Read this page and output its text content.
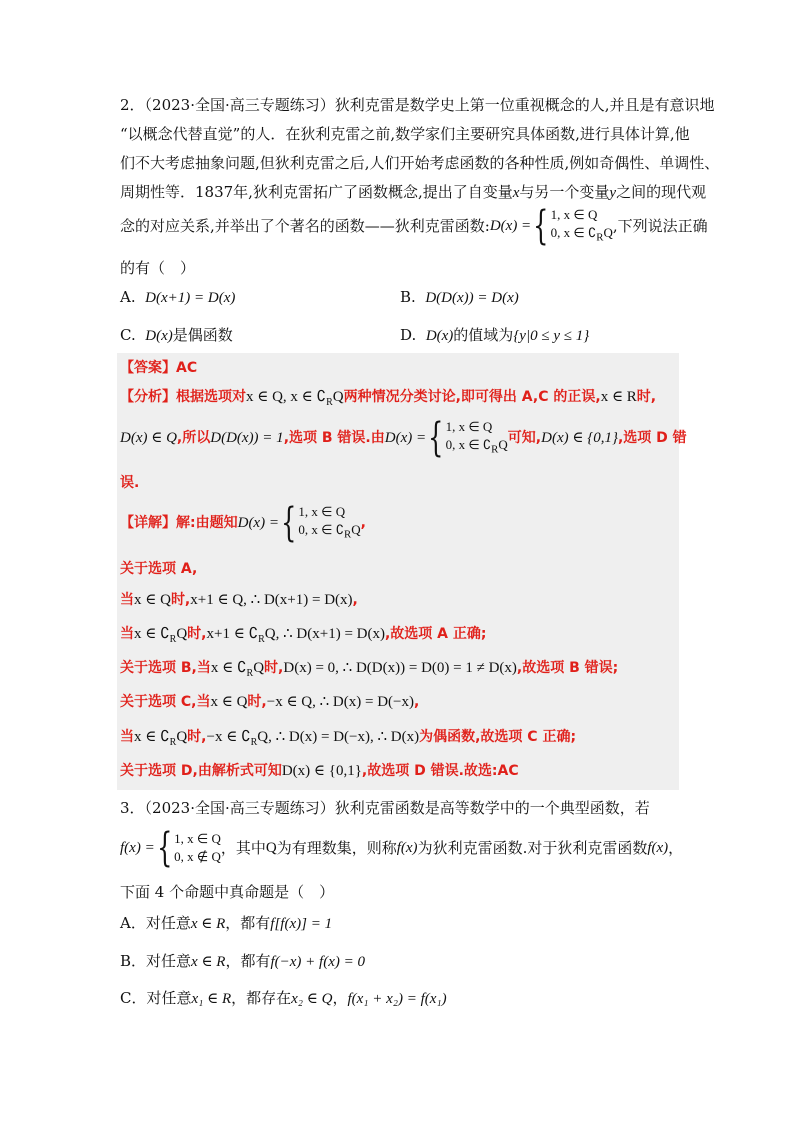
2．（2023·全国·高三专题练习）狄利克雷是数学史上第一位重视概念的人,并且是有意识地
“以概念代替直觉”的人．在狄利克雷之前,数学家们主要研究具体函数,进行具体计算,他
们不大考虑抽象问题,但狄利克雷之后,人们开始考虑函数的各种性质,例如奇偶性、单调性、
周期性等．1837年,狄利克雷拓广了函数概念,提出了自变量x与另一个变量y之间的现代观
念的对应关系,并举出了个著名的函数——狄利克雷函数: D(x) = { 1, x ∈ Q
0, x ∈ $∁_RQ$ ,下列说法正确
的有（　）
A. D(x+1) = D(x)	B. D(D(x)) = D(x)
C. D(x)是偶函数	D. D(x)的值域为{y|0 ≤ y ≤ 1}
【答案】AC
【分析】根据选项对x ∈ Q, x ∈ $∁_RQ$两种情况分类讨论,即可得出 A,C 的正误,x ∈ R时,
D(x) ∈ Q ,所以 D(D(x)) = 1 ,选项 B 错误.由 D(x) = { 1, x ∈ Q
0, x ∈ $∁_RQ$ 可知, D(x) ∈ {0,1} ,选项 D 错
误.
【详解】解:由题知 D(x) = { 1, x ∈ Q
0, x ∈ $∁_RQ$ ,
关于选项 A,
当x ∈ Q时,x+1 ∈ Q, ∴ D(x+1) = D(x),
当x ∈ $∁_RQ$时,x+1 ∈ $∁_RQ$, ∴ D(x+1) = D(x),故选项 A 正确;
关于选项 B,当x ∈ $∁_RQ$时,D(x) = 0, ∴ D(D(x)) = D(0) = 1 ≠ D(x),故选项 B 错误;
关于选项 C,当x ∈ Q时,−x ∈ Q, ∴ D(x) = D(−x),
当x ∈ $∁_RQ$时,−x ∈ $∁_RQ$, ∴ D(x) = D(−x), ∴ D(x)为偶函数,故选项 C 正确;
关于选项 D,由解析式可知D(x) ∈ {0,1},故选项 D 错误.故选:AC
3．（2023·全国·高三专题练习）狄利克雷函数是高等数学中的一个典型函数，若
f(x) = { 1, x ∈ Q
0, x ∉ Q ，其中 Q 为有理数集，则称 f(x) 为狄利克雷函数.对于狄利克雷函数 f(x) ，
下面 4 个命题中真命题是（　）
A．对任意x ∈ R，都有f[f(x)] = 1
B．对任意x ∈ R，都有f(−x) + f(x) = 0
C．对任意x₁ ∈ R，都存在x₂ ∈ Q，f(x₁ + x₂) = f(x₁)
